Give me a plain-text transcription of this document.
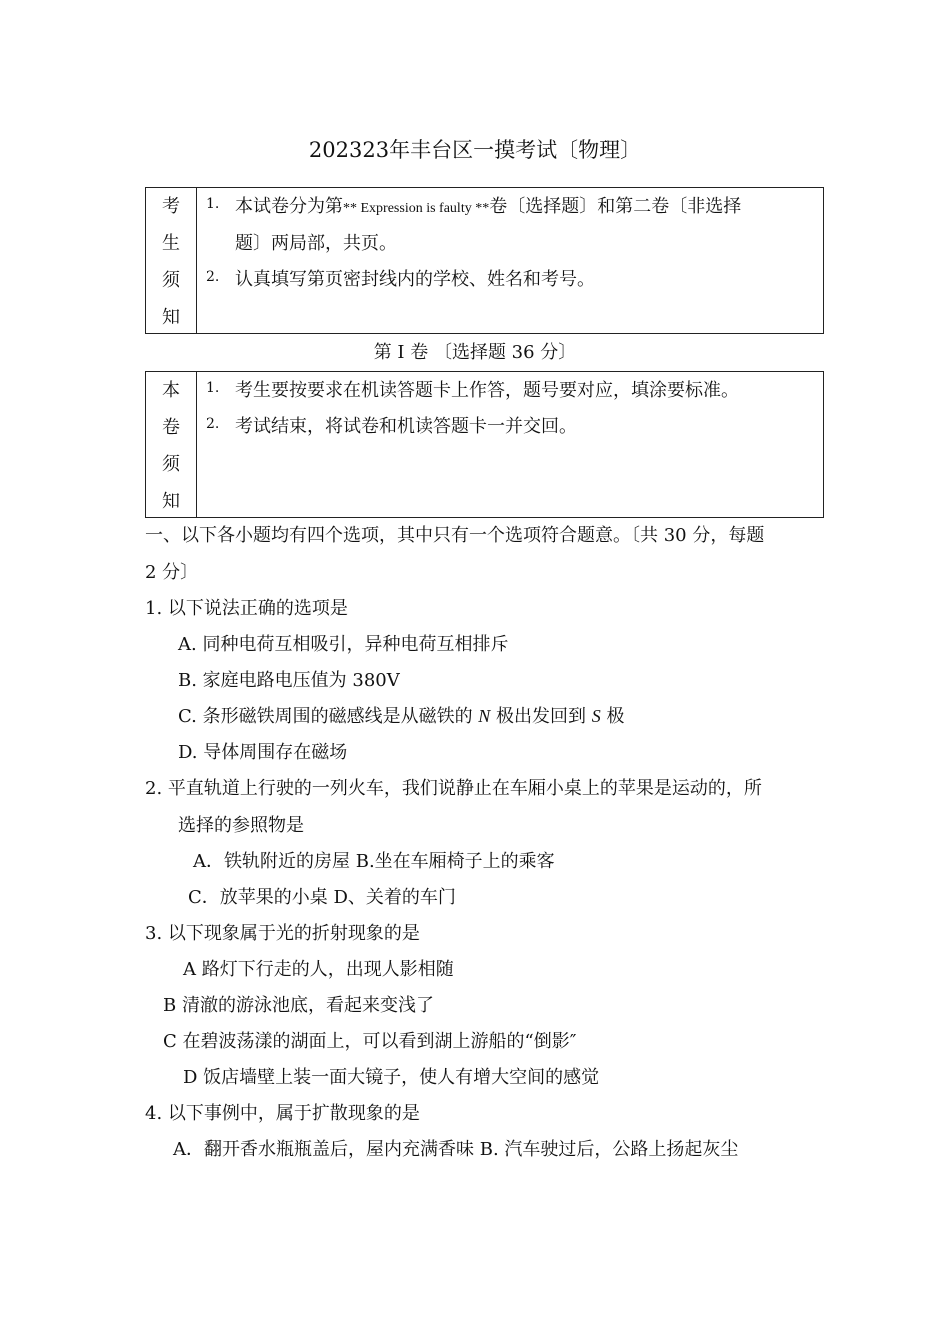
202323年丰台区一摸考试〔物理〕
考
生
须
知
1. 本试卷分为第** Expression is faulty **卷〔选择题〕和第二卷〔非选择
题〕两局部，共页。
2. 认真填写第页密封线内的学校、姓名和考号。
第 I 卷 〔选择题 36 分〕
本
卷
须
知
1. 考生要按要求在机读答题卡上作答，题号要对应，填涂要标准。
2. 考试结束，将试卷和机读答题卡一并交回。
一、以下各小题均有四个选项，其中只有一个选项符合题意。〔共 30 分，每题
2 分〕
1. 以下说法正确的选项是
A. 同种电荷互相吸引，异种电荷互相排斥
B. 家庭电路电压值为 380V
C. 条形磁铁周围的磁感线是从磁铁的 N 极出发回到 S 极
D. 导体周围存在磁场
2. 平直轨道上行驶的一列火车，我们说静止在车厢小桌上的苹果是运动的，所
选择的参照物是
A．铁轨附近的房屋 B.坐在车厢椅子上的乘客
C．放苹果的小桌 D、关着的车门
3. 以下现象属于光的折射现象的是
A 路灯下行走的人，出现人影相随
B 清澈的游泳池底，看起来变浅了
C 在碧波荡漾的湖面上，可以看到湖上游船的“倒影″
D 饭店墙壁上装一面大镜子，使人有增大空间的感觉
4. 以下事例中，属于扩散现象的是
A．翻开香水瓶瓶盖后，屋内充满香味 B. 汽车驶过后，公路上扬起灰尘
